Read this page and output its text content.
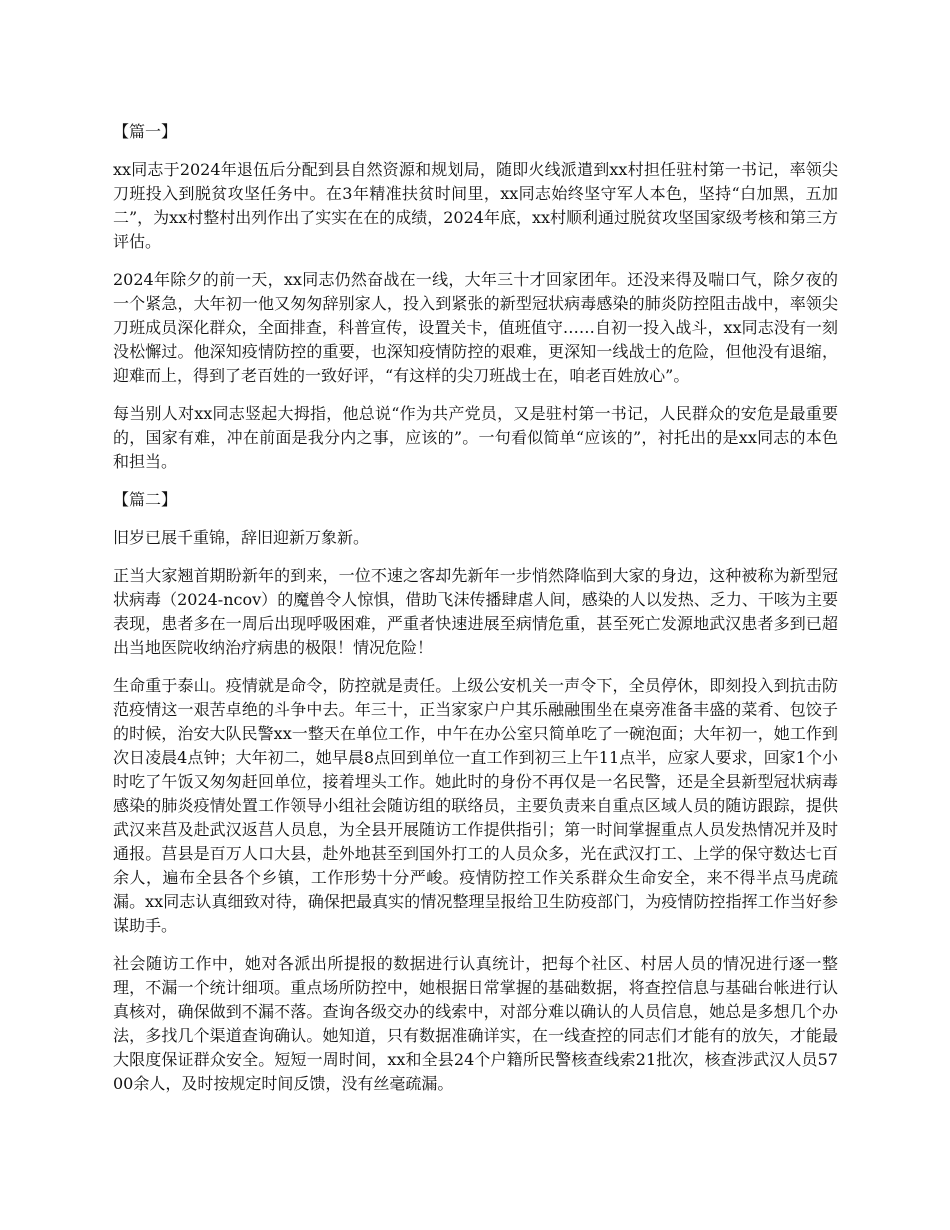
【篇一】

xx同志于2024年退伍后分配到县自然资源和规划局，随即火线派遣到xx村担任驻村第一书记，率领尖刀班投入到脱贫攻坚任务中。在3年精准扶贫时间里，xx同志始终坚守军人本色，坚持“白加黑，五加二”，为xx村整村出列作出了实实在在的成绩，2024年底，xx村顺利通过脱贫攻坚国家级考核和第三方评估。

2024年除夕的前一天，xx同志仍然奋战在一线，大年三十才回家团年。还没来得及喘口气，除夕夜的一个紧急，大年初一他又匆匆辞别家人，投入到紧张的新型冠状病毒感染的肺炎防控阻击战中，率领尖刀班成员深化群众，全面排查，科普宣传，设置关卡，值班值守……自初一投入战斗，xx同志没有一刻没松懈过。他深知疫情防控的重要，也深知疫情防控的艰难，更深知一线战士的危险，但他没有退缩，迎难而上，得到了老百姓的一致好评，“有这样的尖刀班战士在，咱老百姓放心”。

每当别人对xx同志竖起大拇指，他总说“作为共产党员，又是驻村第一书记，人民群众的安危是最重要的，国家有难，冲在前面是我分内之事，应该的”。一句看似简单“应该的”，衬托出的是xx同志的本色和担当。

【篇二】

旧岁已展千重锦，辞旧迎新万象新。

正当大家翘首期盼新年的到来，一位不速之客却先新年一步悄然降临到大家的身边，这种被称为新型冠状病毒（2024-ncov）的魔兽令人惊惧，借助飞沫传播肆虐人间，感染的人以发热、乏力、干咳为主要表现，患者多在一周后出现呼吸困难，严重者快速进展至病情危重，甚至死亡发源地武汉患者多到已超出当地医院收纳治疗病患的极限！情况危险！

生命重于泰山。疫情就是命令，防控就是责任。上级公安机关一声令下，全员停休，即刻投入到抗击防范疫情这一艰苦卓绝的斗争中去。年三十，正当家家户户其乐融融围坐在桌旁准备丰盛的菜肴、包饺子的时候，治安大队民警xx一整天在单位工作，中午在办公室只简单吃了一碗泡面；大年初一，她工作到次日凌晨4点钟；大年初二，她早晨8点回到单位一直工作到初三上午11点半，应家人要求，回家1个小时吃了午饭又匆匆赶回单位，接着埋头工作。她此时的身份不再仅是一名民警，还是全县新型冠状病毒感染的肺炎疫情处置工作领导小组社会随访组的联络员，主要负责来自重点区域人员的随访跟踪，提供武汉来莒及赴武汉返莒人员息，为全县开展随访工作提供指引；第一时间掌握重点人员发热情况并及时通报。莒县是百万人口大县，赴外地甚至到国外打工的人员众多，光在武汉打工、上学的保守数达七百余人，遍布全县各个乡镇，工作形势十分严峻。疫情防控工作关系群众生命安全，来不得半点马虎疏漏。xx同志认真细致对待，确保把最真实的情况整理呈报给卫生防疫部门，为疫情防控指挥工作当好参谋助手。

社会随访工作中，她对各派出所提报的数据进行认真统计，把每个社区、村居人员的情况进行逐一整理，不漏一个统计细项。重点场所防控中，她根据日常掌握的基础数据，将查控信息与基础台帐进行认真核对，确保做到不漏不落。查询各级交办的线索中，对部分难以确认的人员信息，她总是多想几个办法，多找几个渠道查询确认。她知道，只有数据准确详实，在一线查控的同志们才能有的放矢，才能最大限度保证群众安全。短短一周时间，xx和全县24个户籍所民警核查线索21批次，核查涉武汉人员5700余人，及时按规定时间反馈，没有丝毫疏漏。
